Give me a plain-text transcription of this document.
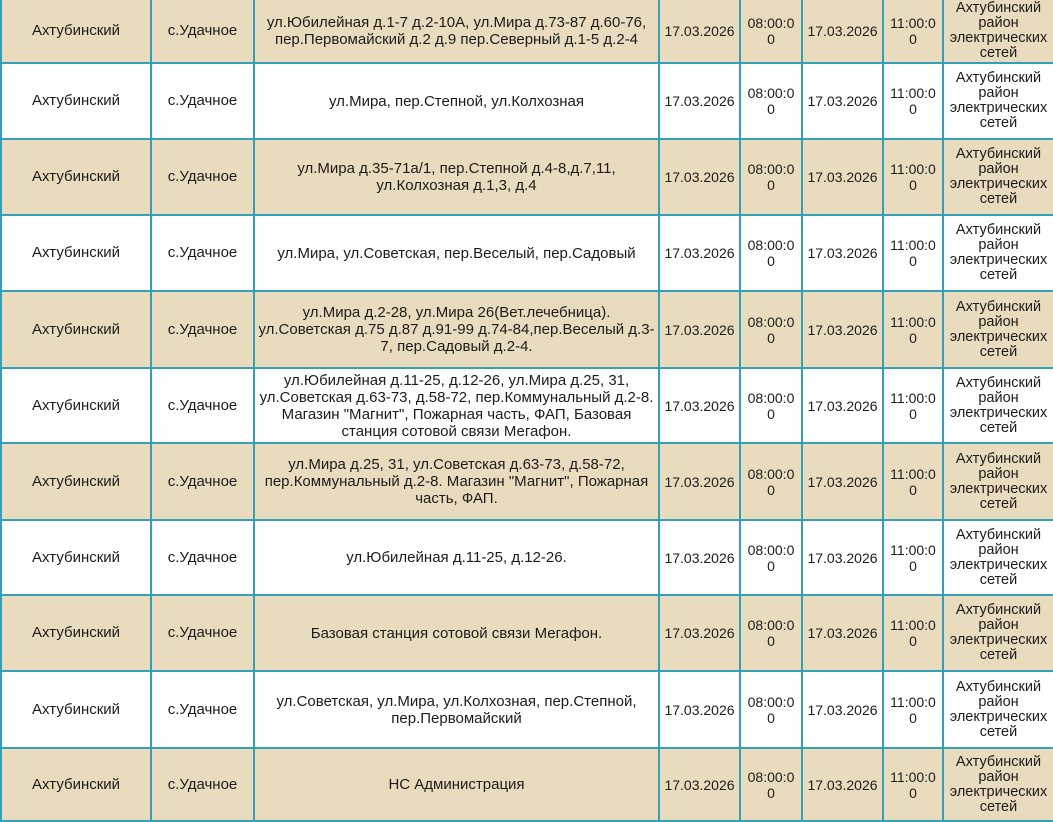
Ахтубинский	с.Удачное	ул.Юбилейная д.1-7 д.2-10А, ул.Мира д.73-87 д.60-76, пер.Первомайский д.2 д.9 пер.Северный д.1-5 д.2-4	17.03.2026	08:00:00	17.03.2026	11:00:00	Ахтубинский район электрических сетей
Ахтубинский	с.Удачное	ул.Мира, пер.Степной, ул.Колхозная	17.03.2026	08:00:00	17.03.2026	11:00:00	Ахтубинский район электрических сетей
Ахтубинский	с.Удачное	ул.Мира д.35-71а/1, пер.Степной д.4-8,д.7,11, ул.Колхозная д.1,3, д.4	17.03.2026	08:00:00	17.03.2026	11:00:00	Ахтубинский район электрических сетей
Ахтубинский	с.Удачное	ул.Мира, ул.Советская, пер.Веселый, пер.Садовый	17.03.2026	08:00:00	17.03.2026	11:00:00	Ахтубинский район электрических сетей
Ахтубинский	с.Удачное	ул.Мира д.2-28, ул.Мира 26(Вет.лечебница). ул.Советская д.75 д.87 д.91-99 д.74-84,пер.Веселый д.3-7, пер.Садовый д.2-4.	17.03.2026	08:00:00	17.03.2026	11:00:00	Ахтубинский район электрических сетей
Ахтубинский	с.Удачное	ул.Юбилейная д.11-25, д.12-26, ул.Мира д.25, 31, ул.Советская д.63-73, д.58-72, пер.Коммунальный д.2-8. Магазин "Магнит", Пожарная часть, ФАП, Базовая станция сотовой связи Мегафон.	17.03.2026	08:00:00	17.03.2026	11:00:00	Ахтубинский район электрических сетей
Ахтубинский	с.Удачное	ул.Мира д.25, 31, ул.Советская д.63-73, д.58-72, пер.Коммунальный д.2-8. Магазин "Магнит", Пожарная часть, ФАП.	17.03.2026	08:00:00	17.03.2026	11:00:00	Ахтубинский район электрических сетей
Ахтубинский	с.Удачное	ул.Юбилейная д.11-25, д.12-26.	17.03.2026	08:00:00	17.03.2026	11:00:00	Ахтубинский район электрических сетей
Ахтубинский	с.Удачное	Базовая станция сотовой связи Мегафон.	17.03.2026	08:00:00	17.03.2026	11:00:00	Ахтубинский район электрических сетей
Ахтубинский	с.Удачное	ул.Советская, ул.Мира, ул.Колхозная, пер.Степной, пер.Первомайский	17.03.2026	08:00:00	17.03.2026	11:00:00	Ахтубинский район электрических сетей
Ахтубинский	с.Удачное	НС Администрация	17.03.2026	08:00:00	17.03.2026	11:00:00	Ахтубинский район электрических сетей
